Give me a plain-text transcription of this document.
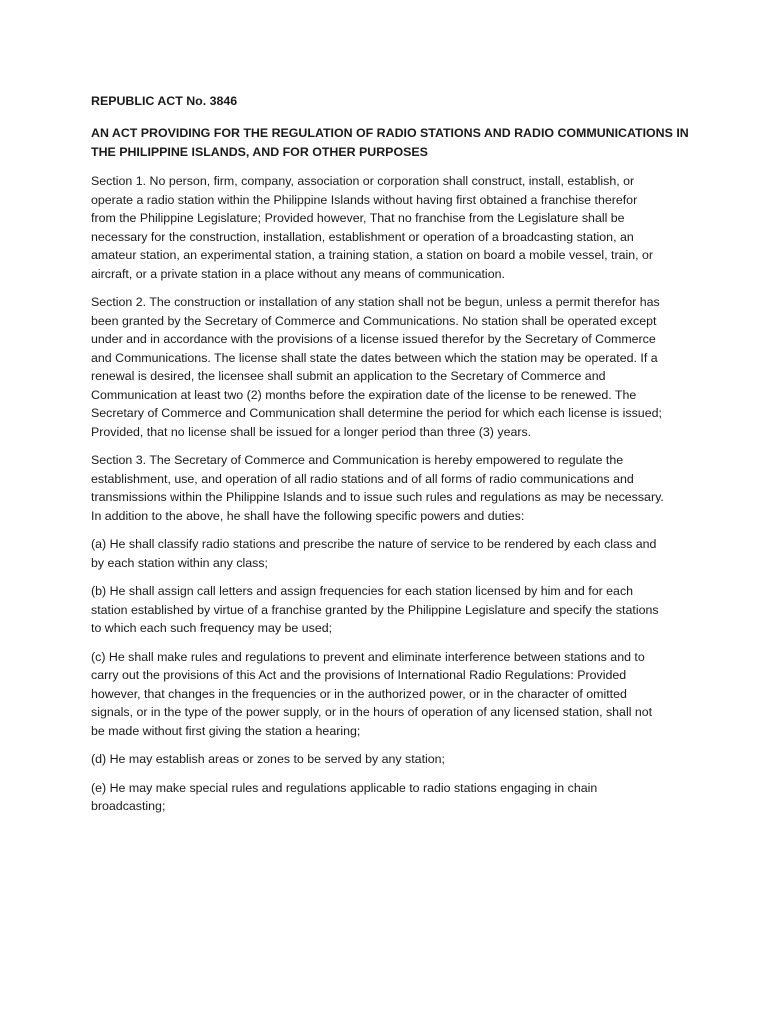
REPUBLIC ACT No. 3846
AN ACT PROVIDING FOR THE REGULATION OF RADIO STATIONS AND RADIO COMMUNICATIONS IN
THE PHILIPPINE ISLANDS, AND FOR OTHER PURPOSES
Section 1. No person, firm, company, association or corporation shall construct, install, establish, or
operate a radio station within the Philippine Islands without having first obtained a franchise therefor
from the Philippine Legislature; Provided however, That no franchise from the Legislature shall be
necessary for the construction, installation, establishment or operation of a broadcasting station, an
amateur station, an experimental station, a training station, a station on board a mobile vessel, train, or
aircraft, or a private station in a place without any means of communication.
Section 2. The construction or installation of any station shall not be begun, unless a permit therefor has
been granted by the Secretary of Commerce and Communications. No station shall be operated except
under and in accordance with the provisions of a license issued therefor by the Secretary of Commerce
and Communications. The license shall state the dates between which the station may be operated. If a
renewal is desired, the licensee shall submit an application to the Secretary of Commerce and
Communication at least two (2) months before the expiration date of the license to be renewed. The
Secretary of Commerce and Communication shall determine the period for which each license is issued;
Provided, that no license shall be issued for a longer period than three (3) years.
Section 3. The Secretary of Commerce and Communication is hereby empowered to regulate the
establishment, use, and operation of all radio stations and of all forms of radio communications and
transmissions within the Philippine Islands and to issue such rules and regulations as may be necessary.
In addition to the above, he shall have the following specific powers and duties:
(a) He shall classify radio stations and prescribe the nature of service to be rendered by each class and
by each station within any class;
(b) He shall assign call letters and assign frequencies for each station licensed by him and for each
station established by virtue of a franchise granted by the Philippine Legislature and specify the stations
to which each such frequency may be used;
(c) He shall make rules and regulations to prevent and eliminate interference between stations and to
carry out the provisions of this Act and the provisions of International Radio Regulations: Provided
however, that changes in the frequencies or in the authorized power, or in the character of omitted
signals, or in the type of the power supply, or in the hours of operation of any licensed station, shall not
be made without first giving the station a hearing;
(d) He may establish areas or zones to be served by any station;
(e) He may make special rules and regulations applicable to radio stations engaging in chain
broadcasting;
